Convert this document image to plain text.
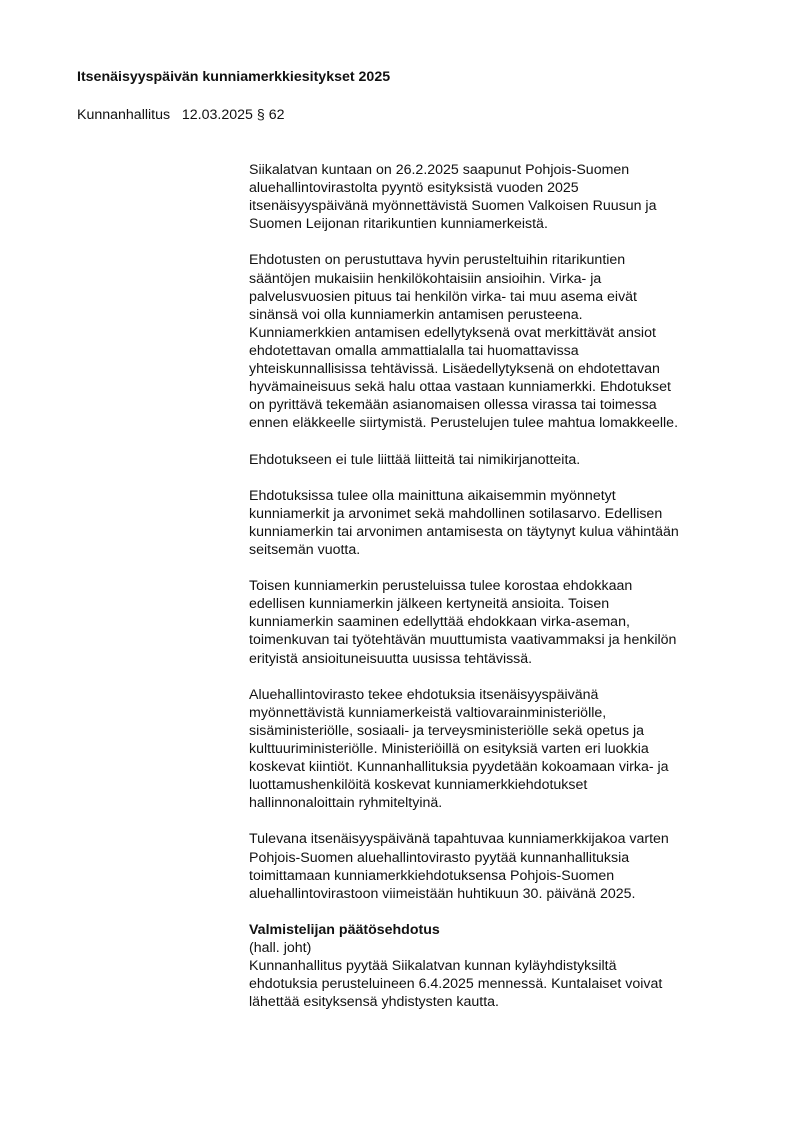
Itsenäisyyspäivän kunniamerkkiesitykset 2025
Kunnanhallitus 12.03.2025 § 62

Siikalatvan kuntaan on 26.2.2025 saapunut Pohjois-Suomen
aluehallintovirastolta pyyntö esityksistä vuoden 2025
itsenäisyyspäivänä myönnettävistä Suomen Valkoisen Ruusun ja
Suomen Leijonan ritarikuntien kunniamerkeistä.

Ehdotusten on perustuttava hyvin perusteltuihin ritarikuntien
sääntöjen mukaisiin henkilökohtaisiin ansioihin. Virka- ja
palvelusvuosien pituus tai henkilön virka- tai muu asema eivät
sinänsä voi olla kunniamerkin antamisen perusteena.
Kunniamerkkien antamisen edellytyksenä ovat merkittävät ansiot
ehdotettavan omalla ammattialalla tai huomattavissa
yhteiskunnallisissa tehtävissä. Lisäedellytyksenä on ehdotettavan
hyvämaineisuus sekä halu ottaa vastaan kunniamerkki. Ehdotukset
on pyrittävä tekemään asianomaisen ollessa virassa tai toimessa
ennen eläkkeelle siirtymistä. Perustelujen tulee mahtua lomakkeelle.

Ehdotukseen ei tule liittää liitteitä tai nimikirjanotteita.

Ehdotuksissa tulee olla mainittuna aikaisemmin myönnetyt
kunniamerkit ja arvonimet sekä mahdollinen sotilasarvo. Edellisen
kunniamerkin tai arvonimen antamisesta on täytynyt kulua vähintään
seitsemän vuotta.

Toisen kunniamerkin perusteluissa tulee korostaa ehdokkaan
edellisen kunniamerkin jälkeen kertyneitä ansioita. Toisen
kunniamerkin saaminen edellyttää ehdokkaan virka-aseman,
toimenkuvan tai työtehtävän muuttumista vaativammaksi ja henkilön
erityistä ansioituneisuutta uusissa tehtävissä.

Aluehallintovirasto tekee ehdotuksia itsenäisyyspäivänä
myönnettävistä kunniamerkeistä valtiovarainministeriölle,
sisäministeriölle, sosiaali- ja terveysministeriölle sekä opetus ja
kulttuuriministeriölle. Ministeriöillä on esityksiä varten eri luokkia
koskevat kiintiöt. Kunnanhallituksia pyydetään kokoamaan virka- ja
luottamushenkilöitä koskevat kunniamerkkiehdotukset
hallinnonaloittain ryhmiteltyinä.

Tulevana itsenäisyyspäivänä tapahtuvaa kunniamerkkijakoa varten
Pohjois-Suomen aluehallintovirasto pyytää kunnanhallituksia
toimittamaan kunniamerkkiehdotuksensa Pohjois-Suomen
aluehallintovirastoon viimeistään huhtikuun 30. päivänä 2025.

Valmistelijan päätösehdotus
(hall. joht)
Kunnanhallitus pyytää Siikalatvan kunnan kyläyhdistyksiltä
ehdotuksia perusteluineen 6.4.2025 mennessä. Kuntalaiset voivat
lähettää esityksensä yhdistysten kautta.
